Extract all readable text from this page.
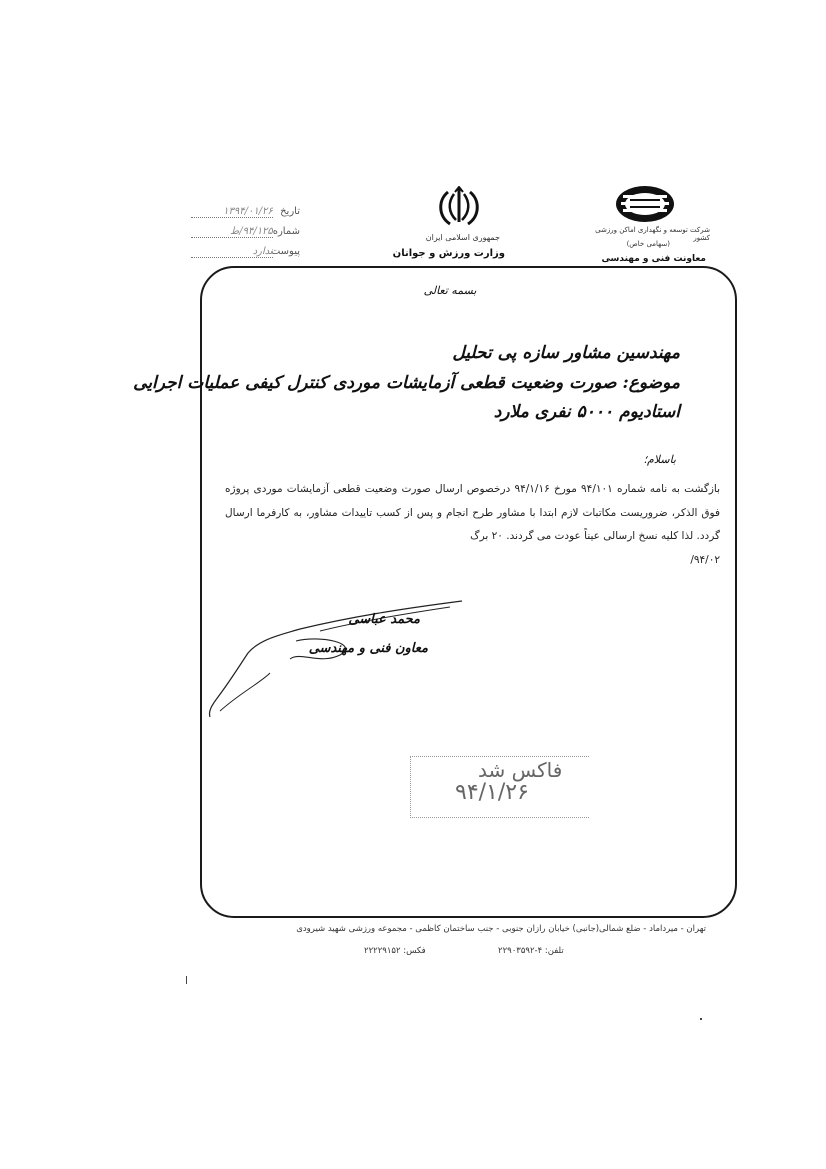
تاریخ ۱۳۹۴/۰۱/۲۶
شماره ۹۴/۱۲۵/ط
پیوست ندارد
جمهوری اسلامی ایران
وزارت ورزش و جوانان
شرکت توسعه و نگهداری اماکن ورزشی کشور
(سهامی خاص)
معاونت فنی و مهندسی
بسمه تعالی
مهندسین مشاور سازه پی تحلیل
موضوع: صورت وضعیت قطعی آزمایشات موردی کنترل کیفی عملیات اجرایی
استادیوم ۵۰۰۰ نفری ملارد
باسلام؛
بازگشت به نامه شماره ۹۴/۱۰۱ مورخ ۹۴/۱/۱۶ درخصوص ارسال صورت وضعیت قطعی آزمایشات موردی پروژه فوق الذکر، ضروریست مکاتبات لازم ابتدا با مشاور طرح انجام و پس از کسب تاییدات مشاور، به کارفرما ارسال گردد. لذا کلیه نسخ ارسالی عیناً عودت می گردند. ۲۰ برگ
۹۴/۰۲/
محمد عباسی
معاون فنی و مهندسی
فاکس شد
۹۴/۱/۲۶
تهران - میرداماد - ضلع شمالی(جانبی) خیابان رازان جنوبی - جنب ساختمان کاظمی - مجموعه ورزشی شهید شیرودی
تلفن: ۴-۲۲۹۰۳۵۹۲
فکس: ۲۲۲۲۹۱۵۲
